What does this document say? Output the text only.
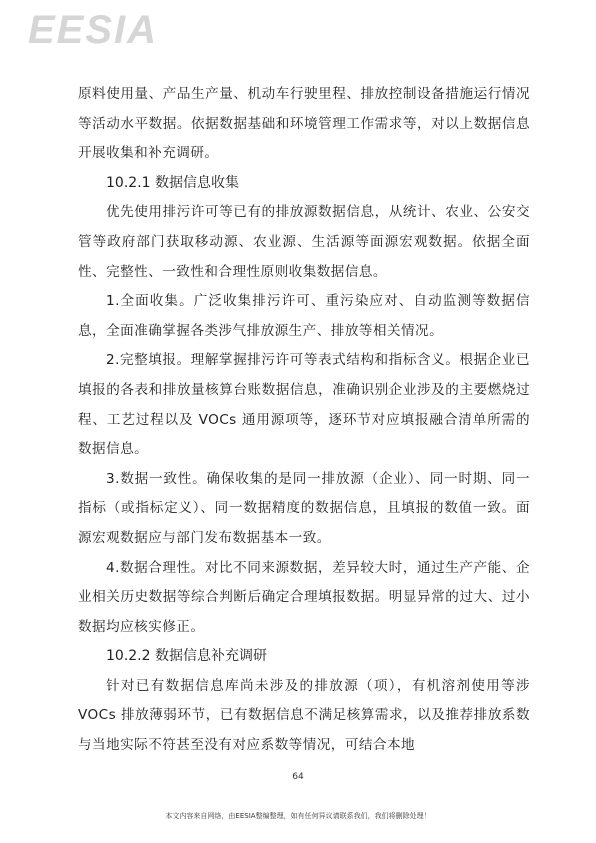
EESIA

原料使用量、产品生产量、机动车行驶里程、排放控制设备措施运行情况等活动水平数据。依据数据基础和环境管理工作需求等，对以上数据信息开展收集和补充调研。

10.2.1 数据信息收集

优先使用排污许可等已有的排放源数据信息，从统计、农业、公安交管等政府部门获取移动源、农业源、生活源等面源宏观数据。依据全面性、完整性、一致性和合理性原则收集数据信息。

1.全面收集。广泛收集排污许可、重污染应对、自动监测等数据信息，全面准确掌握各类涉气排放源生产、排放等相关情况。

2.完整填报。理解掌握排污许可等表式结构和指标含义。根据企业已填报的各表和排放量核算台账数据信息，准确识别企业涉及的主要燃烧过程、工艺过程以及 VOCs 通用源项等，逐环节对应填报融合清单所需的数据信息。

3.数据一致性。确保收集的是同一排放源（企业）、同一时期、同一指标（或指标定义）、同一数据精度的数据信息，且填报的数值一致。面源宏观数据应与部门发布数据基本一致。

4.数据合理性。对比不同来源数据，差异较大时，通过生产产能、企业相关历史数据等综合判断后确定合理填报数据。明显异常的过大、过小数据均应核实修正。

10.2.2 数据信息补充调研

针对已有数据信息库尚未涉及的排放源（项），有机溶剂使用等涉 VOCs 排放薄弱环节，已有数据信息不满足核算需求，以及推荐排放系数与当地实际不符甚至没有对应系数等情况，可结合本地

64
本文内容来自网络，由EESIA整编整理，如有任何异议请联系我们，我们将删除处理！
